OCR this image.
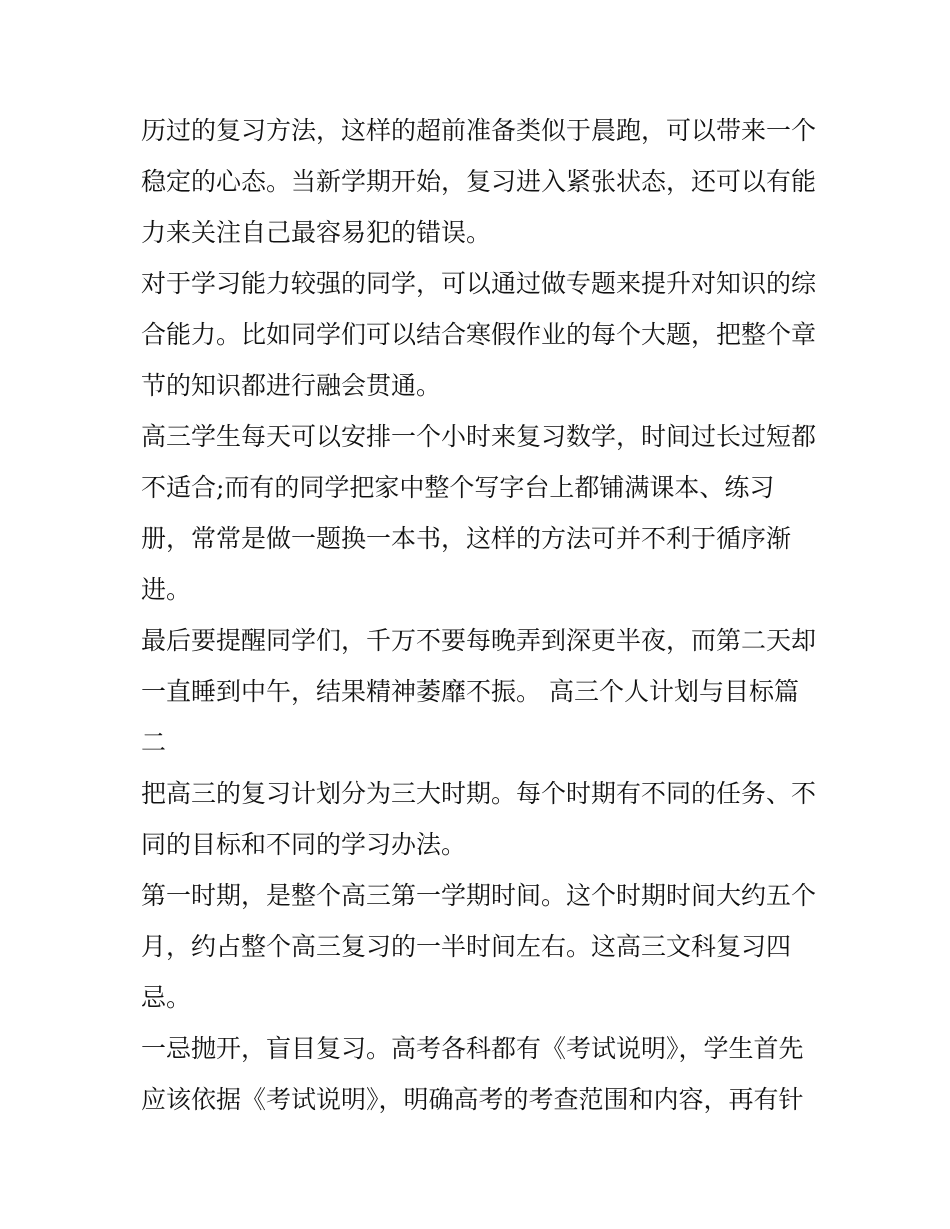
历过的复习方法，这样的超前准备类似于晨跑，可以带来一个
稳定的心态。当新学期开始，复习进入紧张状态，还可以有能
力来关注自己最容易犯的错误。
对于学习能力较强的同学，可以通过做专题来提升对知识的综
合能力。比如同学们可以结合寒假作业的每个大题，把整个章
节的知识都进行融会贯通。
高三学生每天可以安排一个小时来复习数学，时间过长过短都
不适合;而有的同学把家中整个写字台上都铺满课本、练习
册，常常是做一题换一本书，这样的方法可并不利于循序渐
进。
最后要提醒同学们，千万不要每晚弄到深更半夜，而第二天却
一直睡到中午，结果精神萎靡不振。 高三个人计划与目标篇
二
把高三的复习计划分为三大时期。每个时期有不同的任务、不
同的目标和不同的学习办法。
第一时期，是整个高三第一学期时间。这个时期时间大约五个
月，约占整个高三复习的一半时间左右。这高三文科复习四
忌。
一忌抛开，盲目复习。高考各科都有《考试说明》，学生首先
应该依据《考试说明》，明确高考的考查范围和内容，再有针
